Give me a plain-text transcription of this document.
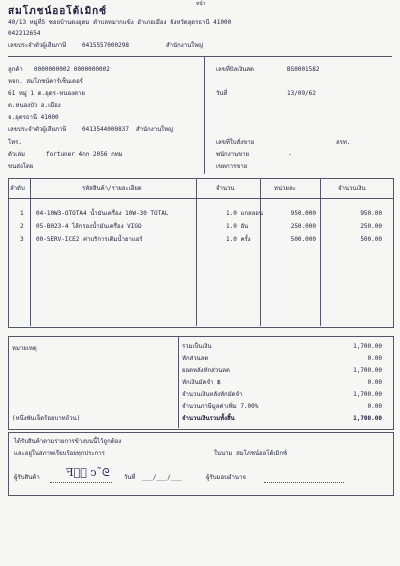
หน้า
สมโภชน์ออโต้เมิกซ์
40/13 หมู่ที่5 ซอยบ้านดงอุดม ตำบลหมากแข้ง อำเภอเมือง จังหวัดอุดรธานี 41000
042212654
เลขประจำตัวผู้เสียภาษี	0415557000298	สำนักงานใหญ่
ลูกค้า 0000000002 0000000002
หจก. สมโภชน์คาร์เซ็นเตอร์
61 หมู่ 1 ต.อุดร-หนองคาย
ต.หนองบัว อ.เมือง
จ.อุดรธานี 41000
เลขประจำตัวผู้เสียภาษี	0413544000837 สำนักงานใหญ่
โทร.
ตัวเล่ม	fortuner 4กก 2056 กทม
ขนส่งโดย
เลขที่บิลเงินสด	BS0001582
วันที่	13/09/62
เลขที่ใบสั่งขาย	ลรท.
พนักงานขาย	-
เขตการขาย
ลำดับ	รหัสสินค้า/รายละเอียด	จำนวน	หน่วยละ	จำนวนเงิน
1 04-10W3-OTOTA4 น้ำมันเครื่อง 10W-30 TOTAL	1.0 แกลลอน	950.000	950.00
2 05-B023-4 ไส้กรองน้ำมันเครื่อง VIGO	1.0 อัน	250.000	250.00
3 00-SERV-ICE2 ค่าบริการเติมน้ำยาแอร์	1.0 ครั้ง	500.000	500.00
หมายเหตุ	รวมเป็นเงิน	1,700.00
หักส่วนลด	0.00
ยอดหลังหักส่วนลด	1,700.00
หักเงินมัดจำ ฿	0.00
จำนวนเงินหลังหักมัดจำ	1,700.00
จำนวนภาษีมูลค่าเพิ่ม 7.00%	0.00
จำนวนเงินรวมทั้งสิ้น	1,700.00
(หนึ่งพันเจ็ดร้อยบาทถ้วน)
ได้รับสินค้าตามรายการข้างบนนี้ไว้ถูกต้อง
และอยู่ในสภาพเรียบร้อยทุกประการ	ในนาม สมโภชน์ออโต้เมิกซ์
ผู้รับสินค้า ꟻ᷊ͤ ↄ˜ᘓ วันที่ ___/___/___	ผู้รับมอบอำนาจ
